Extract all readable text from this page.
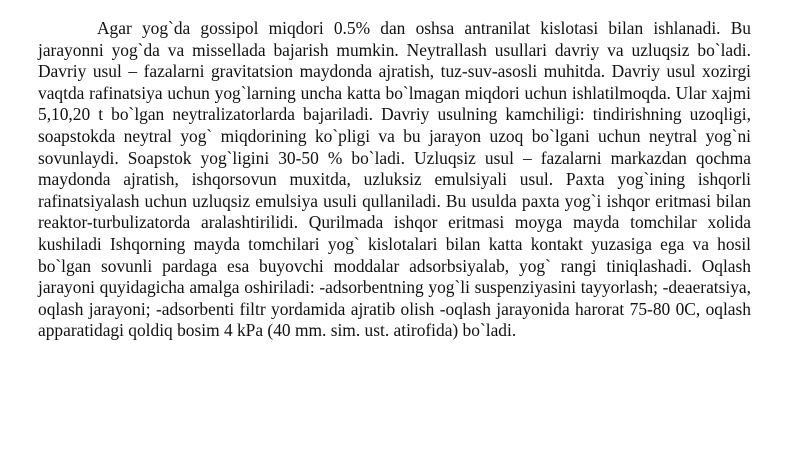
Agar yog`da gossipol miqdori 0.5% dan oshsa antranilat kislotasi bilan ishlanadi. Bu jarayonni yog`da va missellada bajarish mumkin. Neytrallash usullari davriy va uzluqsiz bo`ladi. Davriy usul – fazalarni gravitatsion maydonda ajratish, tuz-suv-asosli muhitda. Davriy usul xozirgi vaqtda rafinatsiya uchun yog`larning uncha katta bo`lmagan miqdori uchun ishlatilmoqda. Ular xajmi 5,10,20 t bo`lgan neytralizatorlarda bajariladi. Davriy usulning kamchiligi: tindirishning uzoqligi, soapstokda neytral yog` miqdorining ko`pligi va bu jarayon uzoq bo`lgani uchun neytral yog`ni sovunlaydi. Soapstok yog`ligini 30-50 % bo`ladi. Uzluqsiz usul – fazalarni markazdan qochma maydonda ajratish, ishqorsovun muxitda, uzluksiz emulsiyali usul. Paxta yog`ining ishqorli rafinatsiyalash uchun uzluqsiz emulsiya usuli qullaniladi. Bu usulda paxta yog`i ishqor eritmasi bilan reaktor-turbulizatorda aralashtirilidi. Qurilmada ishqor eritmasi moyga mayda tomchilar xolida kushiladi Ishqorning mayda tomchilari yog` kislotalari bilan katta kontakt yuzasiga ega va hosil bo`lgan sovunli pardaga esa buyovchi moddalar adsorbsiyalab, yog` rangi tiniqlashadi. Oqlash jarayoni quyidagicha amalga oshiriladi: -adsorbentning yog`li suspenziyasini tayyorlash; -deaeratsiya, oqlash jarayoni; -adsorbenti filtr yordamida ajratib olish -oqlash jarayonida harorat 75-80 0C, oqlash apparatidagi qoldiq bosim 4 kPa (40 mm. sim. ust. atirofida) bo`ladi.
